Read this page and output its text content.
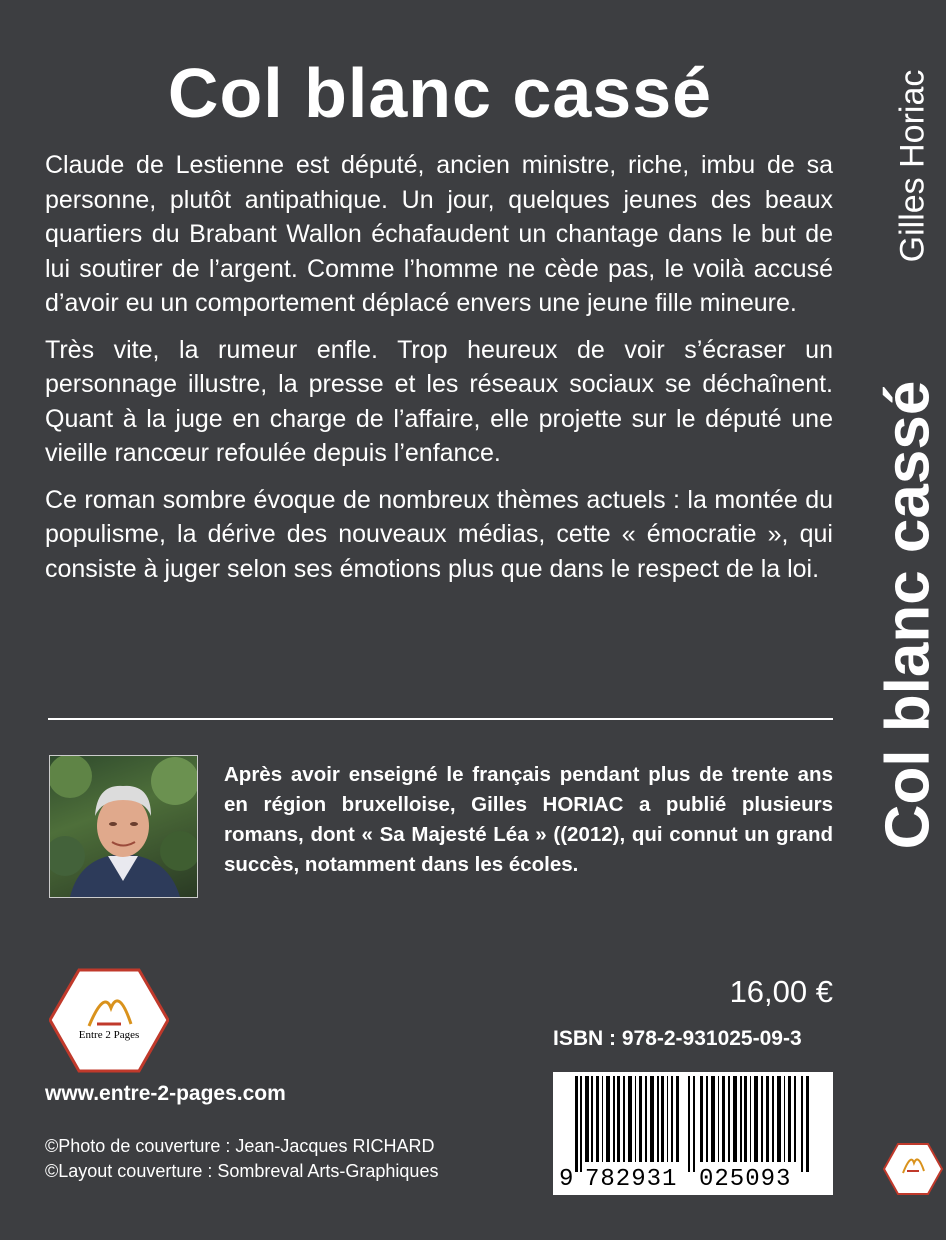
Col blanc cassé

Claude de Lestienne est député, ancien ministre, riche, imbu de sa personne, plutôt antipathique. Un jour, quelques jeunes des beaux quartiers du Brabant Wallon échafaudent un chantage dans le but de lui soutirer de l’argent. Comme l’homme ne cède pas, le voilà accusé d’avoir eu un comportement déplacé envers une jeune fille mineure.

Très vite, la rumeur enfle. Trop heureux de voir s’écraser un personnage illustre, la presse et les réseaux sociaux se déchaînent. Quant à la juge en charge de l’affaire, elle projette sur le député une vieille rancœur refoulée depuis l’enfance.

Ce roman sombre évoque de nombreux thèmes actuels : la montée du populisme, la dérive des nouveaux médias, cette « émocratie », qui consiste à juger selon ses émotions plus que dans le respect de la loi.

Après avoir enseigné le français pendant plus de trente ans en région bruxelloise, Gilles HORIAC a publié plusieurs romans, dont « Sa Majesté Léa » ((2012), qui connut un grand succès, notamment dans les écoles.
Entre 2 Pages
16,00 €
ISBN : 978-2-931025-09-3
9 782931 025093
www.entre-2-pages.com
©Photo de couverture : Jean-Jacques RICHARD
©Layout couverture : Sombreval Arts-Graphiques
Gilles Horiac
Col blanc cassé
